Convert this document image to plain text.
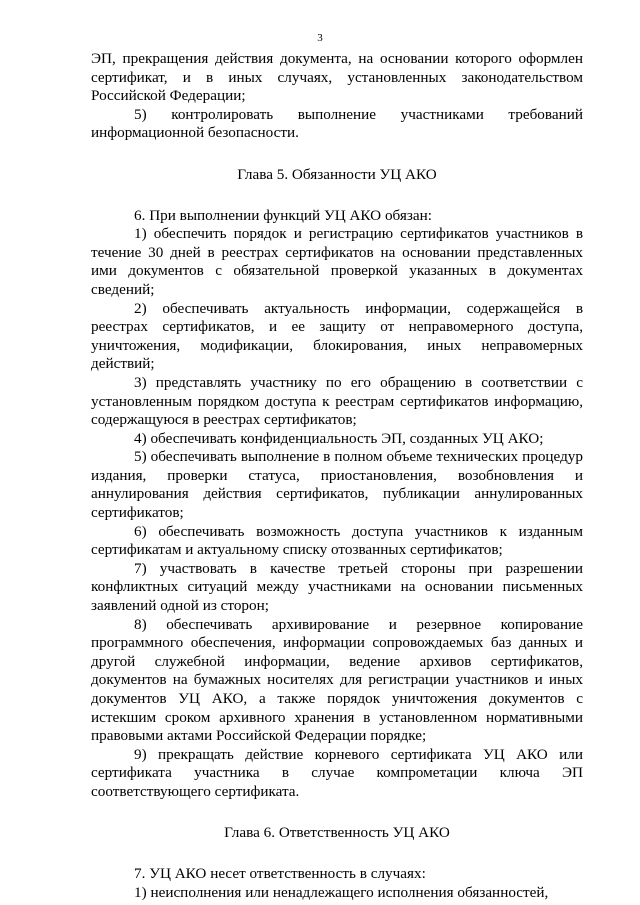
3

ЭП, прекращения действия документа, на основании которого оформлен сертификат, и в иных случаях, установленных законодательством Российской Федерации;

5) контролировать выполнение участниками требований информационной безопасности.

Глава 5. Обязанности УЦ АКО

6. При выполнении функций УЦ АКО обязан:

1) обеспечить порядок и регистрацию сертификатов участников в течение 30 дней в реестрах сертификатов на основании представленных ими документов с обязательной проверкой указанных в документах сведений;

2) обеспечивать актуальность информации, содержащейся в реестрах сертификатов, и ее защиту от неправомерного доступа, уничтожения, модификации, блокирования, иных неправомерных действий;

3) представлять участнику по его обращению в соответствии с установленным порядком доступа к реестрам сертификатов информацию, содержащуюся в реестрах сертификатов;

4) обеспечивать конфиденциальность ЭП, созданных УЦ АКО;

5) обеспечивать выполнение в полном объеме технических процедур издания, проверки статуса, приостановления, возобновления и аннулирования действия сертификатов, публикации аннулированных сертификатов;

6) обеспечивать возможность доступа участников к изданным сертификатам и актуальному списку отозванных сертификатов;

7) участвовать в качестве третьей стороны при разрешении конфликтных ситуаций между участниками на основании письменных заявлений одной из сторон;

8) обеспечивать архивирование и резервное копирование программного обеспечения, информации сопровождаемых баз данных и другой служебной информации, ведение архивов сертификатов, документов на бумажных носителях для регистрации участников и иных документов УЦ АКО, а также порядок уничтожения документов с истекшим сроком архивного хранения в установленном нормативными правовыми актами Российской Федерации порядке;

9) прекращать действие корневого сертификата УЦ АКО или сертификата участника в случае компрометации ключа ЭП соответствующего сертификата.

Глава 6. Ответственность УЦ АКО

7. УЦ АКО несет ответственность в случаях:

1) неисполнения или ненадлежащего исполнения обязанностей,
